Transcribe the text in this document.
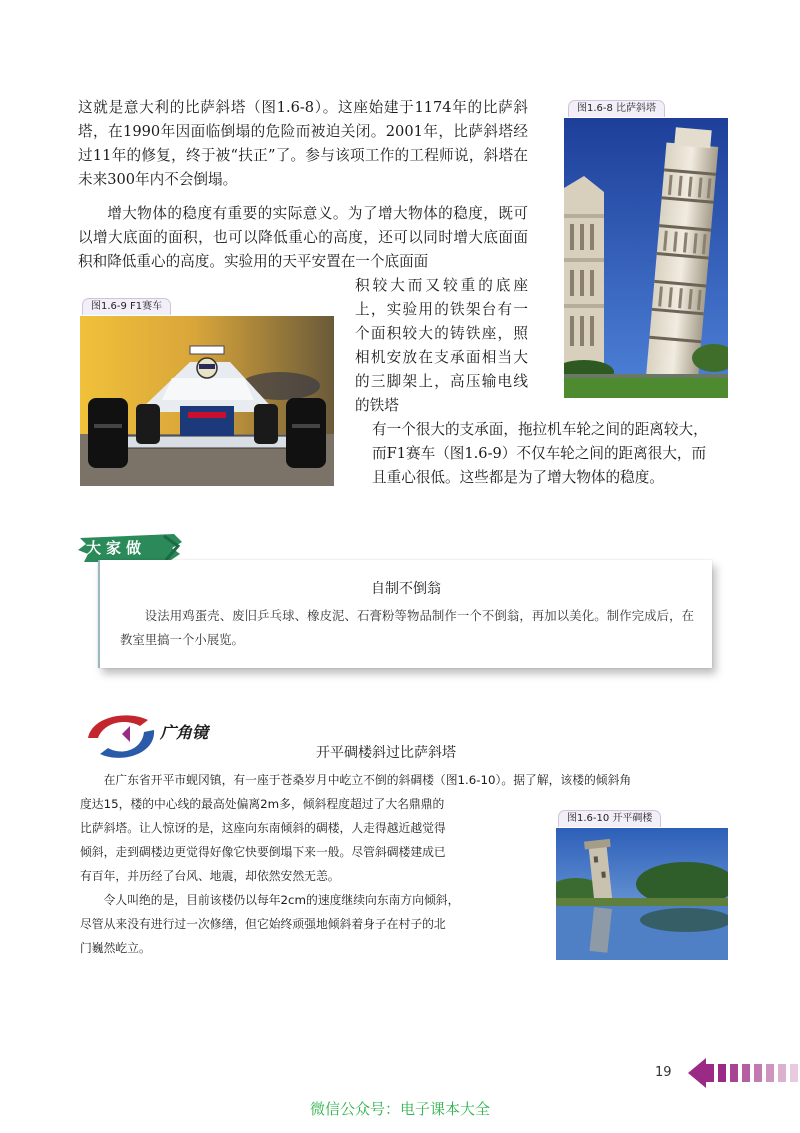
这就是意大利的比萨斜塔（图1.6-8）。这座始建于1174年的比萨斜塔，在1990年因面临倒塌的危险而被迫关闭。2001年，比萨斜塔经过11年的修复，终于被“扶正”了。参与该项工作的工程师说，斜塔在未来300年内不会倒塌。

增大物体的稳度有重要的实际意义。为了增大物体的稳度，既可以增大底面的面积，也可以降低重心的高度，还可以同时增大底面面积和降低重心的高度。实验用的天平安置在一个底面面

积较大而又较重的底座上，实验用的铁架台有一个面积较大的铸铁座，照相机安放在支承面相当大的三脚架上，高压输电线的铁塔

有一个很大的支承面，拖拉机车轮之间的距离较大，
而F1赛车（图1.6-9）不仅车轮之间的距离很大，而
且重心很低。这些都是为了增大物体的稳度。

图1.6-8 比萨斜塔
图1.6-9 F1赛车
大家做
自制不倒翁
设法用鸡蛋壳、废旧乒乓球、橡皮泥、石膏粉等物品制作一个不倒翁，再加以美化。制作完成后，在教室里搞一个小展览。
广角镜
开平碉楼斜过比萨斜塔

在广东省开平市蚬冈镇，有一座于苍桑岁月中屹立不倒的斜碉楼（图1.6-10）。据了解，该楼的倾斜角

度达15，楼的中心线的最高处偏离2m多，倾斜程度超过了大名鼎鼎的
比萨斜塔。让人惊讶的是，这座向东南倾斜的碉楼，人走得越近越觉得
倾斜，走到碉楼边更觉得好像它快要倒塌下来一般。尽管斜碉楼建成已
有百年，并历经了台风、地震，却依然安然无恙。

令人叫绝的是，目前该楼仍以每年2cm的速度继续向东南方向倾斜，
尽管从来没有进行过一次修缮，但它始终顽强地倾斜着身子在村子的北
门巍然屹立。

图1.6-10 开平碉楼
19
微信公众号：电子课本大全
